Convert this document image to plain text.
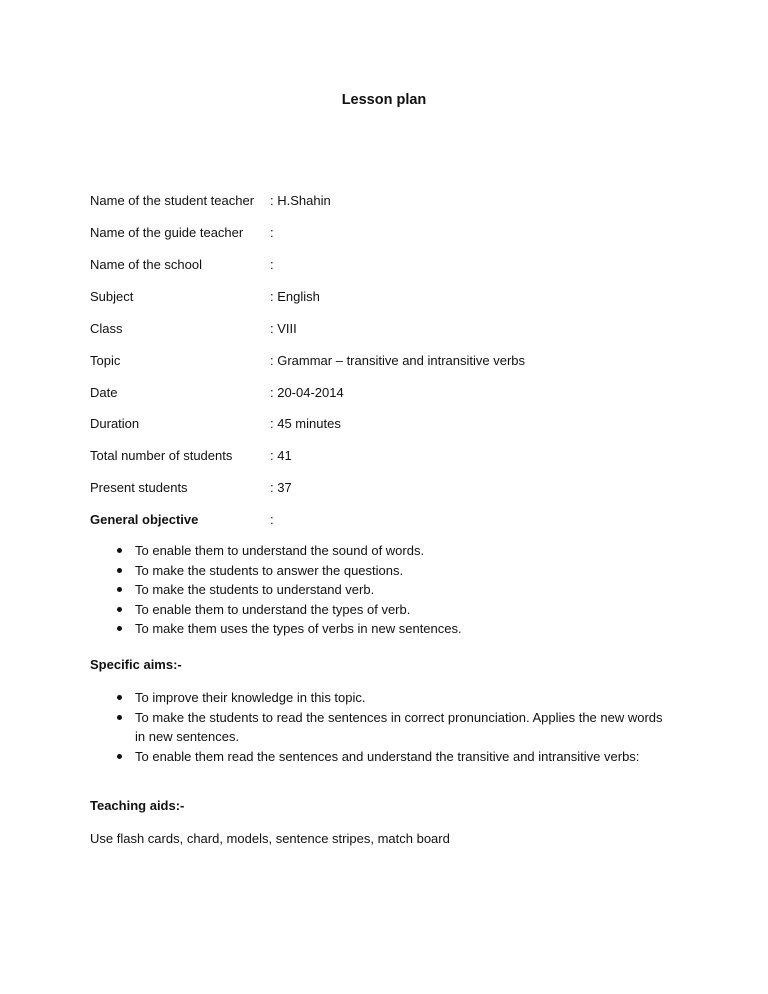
Lesson plan
Name of the student teacher : H.Shahin
Name of the guide teacher :
Name of the school	:
Subject	: English
Class	: VIII
Topic	: Grammar – transitive and intransitive verbs
Date	: 20-04-2014
Duration	: 45 minutes
Total number of students	: 41
Present students	: 37
General objective	:
To enable them to understand the sound of words.
To make the students to answer the questions.
To make the students to understand verb.
To enable them to understand the types of verb.
To make them uses the types of verbs in new sentences.
Specific aims:-
To improve their knowledge in this topic.
To make the students to read the sentences in correct pronunciation. Applies the new words in new sentences.
To enable them read the sentences and understand the transitive and intransitive verbs:
Teaching aids:-
Use flash cards, chard, models, sentence stripes, match board
